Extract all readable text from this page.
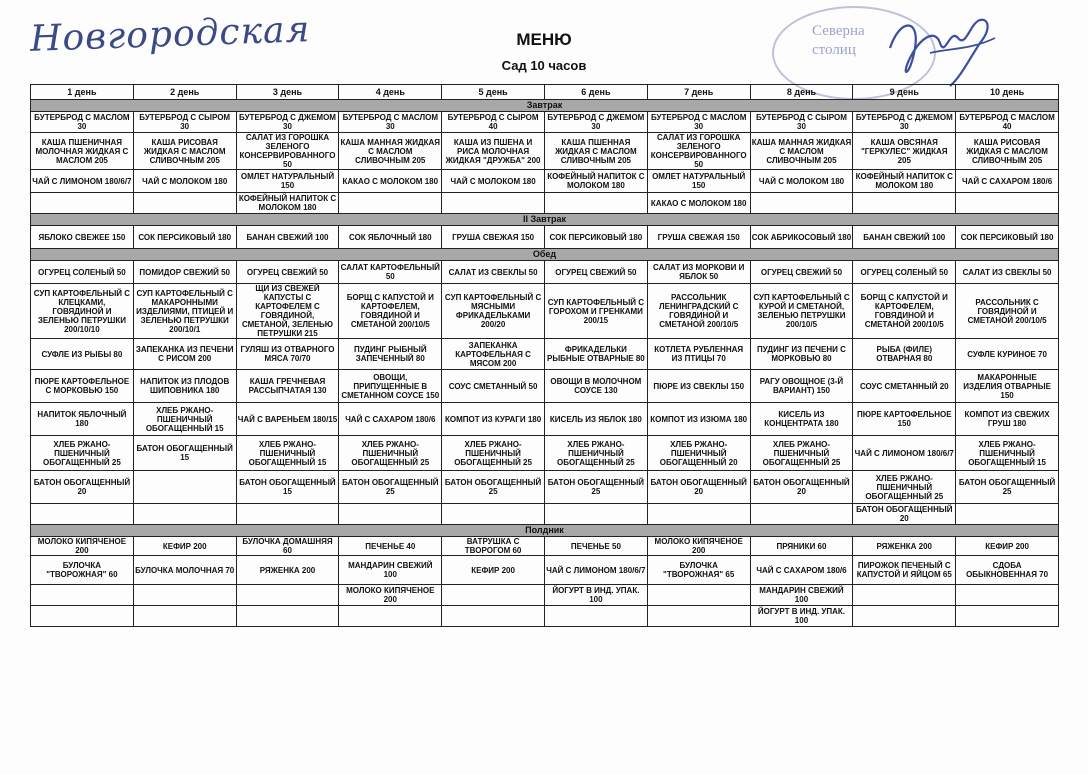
Новгородская	Северна
столиц
МЕНЮ
Сад 10 часов
1 день	2 день	3 день	4 день	5 день	6 день	7 день	8 день	9 день	10 день
Завтрак									
БУТЕРБРОД С МАСЛОМ 30	БУТЕРБРОД С СЫРОМ 30	БУТЕРБРОД С ДЖЕМОМ 30	БУТЕРБРОД С МАСЛОМ 30	БУТЕРБРОД С СЫРОМ 40	БУТЕРБРОД С ДЖЕМОМ 30	БУТЕРБРОД С МАСЛОМ 30	БУТЕРБРОД С СЫРОМ 30	БУТЕРБРОД С ДЖЕМОМ 30	БУТЕРБРОД С МАСЛОМ 40
КАША ПШЕНИЧНАЯ МОЛОЧНАЯ ЖИДКАЯ С МАСЛОМ 205	КАША РИСОВАЯ ЖИДКАЯ С МАСЛОМ СЛИВОЧНЫМ 205	САЛАТ ИЗ ГОРОШКА ЗЕЛЕНОГО КОНСЕРВИРОВАННОГО 50	КАША МАННАЯ ЖИДКАЯ С МАСЛОМ СЛИВОЧНЫМ 205	КАША ИЗ ПШЕНА И РИСА МОЛОЧНАЯ ЖИДКАЯ "ДРУЖБА" 200	КАША ПШЕННАЯ ЖИДКАЯ С МАСЛОМ СЛИВОЧНЫМ 205	САЛАТ ИЗ ГОРОШКА ЗЕЛЕНОГО КОНСЕРВИРОВАННОГО 50	КАША МАННАЯ ЖИДКАЯ С МАСЛОМ СЛИВОЧНЫМ 205	КАША ОВСЯНАЯ "ГЕРКУЛЕС" ЖИДКАЯ 205	КАША РИСОВАЯ ЖИДКАЯ С МАСЛОМ СЛИВОЧНЫМ 205
ЧАЙ С ЛИМОНОМ 180/6/7	ЧАЙ С МОЛОКОМ 180	ОМЛЕТ НАТУРАЛЬНЫЙ 150	КАКАО С МОЛОКОМ 180	ЧАЙ С МОЛОКОМ 180	КОФЕЙНЫЙ НАПИТОК С МОЛОКОМ 180	ОМЛЕТ НАТУРАЛЬНЫЙ 150	ЧАЙ С МОЛОКОМ 180	КОФЕЙНЫЙ НАПИТОК С МОЛОКОМ 180	ЧАЙ С САХАРОМ 180/6
		КОФЕЙНЫЙ НАПИТОК С МОЛОКОМ 180				КАКАО С МОЛОКОМ 180			
II Завтрак									
ЯБЛОКО СВЕЖЕЕ 150	СОК ПЕРСИКОВЫЙ 180	БАНАН СВЕЖИЙ 100	СОК ЯБЛОЧНЫЙ 180	ГРУША СВЕЖАЯ 150	СОК ПЕРСИКОВЫЙ 180	ГРУША СВЕЖАЯ 150	СОК АБРИКОСОВЫЙ 180	БАНАН СВЕЖИЙ 100	СОК ПЕРСИКОВЫЙ 180
Обед									
ОГУРЕЦ СОЛЕНЫЙ 50	ПОМИДОР СВЕЖИЙ 50	ОГУРЕЦ СВЕЖИЙ 50	САЛАТ КАРТОФЕЛЬНЫЙ 50	САЛАТ ИЗ СВЕКЛЫ 50	ОГУРЕЦ СВЕЖИЙ 50	САЛАТ ИЗ МОРКОВИ И ЯБЛОК 50	ОГУРЕЦ СВЕЖИЙ 50	ОГУРЕЦ СОЛЕНЫЙ 50	САЛАТ ИЗ СВЕКЛЫ 50
СУП КАРТОФЕЛЬНЫЙ С КЛЕЦКАМИ, ГОВЯДИНОЙ И ЗЕЛЕНЬЮ ПЕТРУШКИ 200/10/10	СУП КАРТОФЕЛЬНЫЙ С МАКАРОННЫМИ ИЗДЕЛИЯМИ, ПТИЦЕЙ И ЗЕЛЕНЬЮ ПЕТРУШКИ 200/10/1	ЩИ ИЗ СВЕЖЕЙ КАПУСТЫ С КАРТОФЕЛЕМ С ГОВЯДИНОЙ, СМЕТАНОЙ, ЗЕЛЕНЬЮ ПЕТРУШКИ 215	БОРЩ С КАПУСТОЙ И КАРТОФЕЛЕМ, ГОВЯДИНОЙ И СМЕТАНОЙ 200/10/5	СУП КАРТОФЕЛЬНЫЙ С МЯСНЫМИ ФРИКАДЕЛЬКАМИ 200/20	СУП КАРТОФЕЛЬНЫЙ С ГОРОХОМ И ГРЕНКАМИ 200/15	РАССОЛЬНИК ЛЕНИНГРАДСКИЙ С ГОВЯДИНОЙ И СМЕТАНОЙ 200/10/5	СУП КАРТОФЕЛЬНЫЙ С КУРОЙ И СМЕТАНОЙ, ЗЕЛЕНЬЮ ПЕТРУШКИ 200/10/5	БОРЩ С КАПУСТОЙ И КАРТОФЕЛЕМ, ГОВЯДИНОЙ И СМЕТАНОЙ 200/10/5	РАССОЛЬНИК С ГОВЯДИНОЙ И СМЕТАНОЙ 200/10/5
СУФЛЕ ИЗ РЫБЫ 80	ЗАПЕКАНКА ИЗ ПЕЧЕНИ С РИСОМ 200	ГУЛЯШ ИЗ ОТВАРНОГО МЯСА 70/70	ПУДИНГ РЫБНЫЙ ЗАПЕЧЕННЫЙ 80	ЗАПЕКАНКА КАРТОФЕЛЬНАЯ С МЯСОМ 200	ФРИКАДЕЛЬКИ РЫБНЫЕ ОТВАРНЫЕ 80	КОТЛЕТА РУБЛЕННАЯ ИЗ ПТИЦЫ 70	ПУДИНГ ИЗ ПЕЧЕНИ С МОРКОВЬЮ 80	РЫБА (ФИЛЕ) ОТВАРНАЯ 80	СУФЛЕ КУРИНОЕ 70
ПЮРЕ КАРТОФЕЛЬНОЕ С МОРКОВЬЮ 150	НАПИТОК ИЗ ПЛОДОВ ШИПОВНИКА 180	КАША ГРЕЧНЕВАЯ РАССЫПЧАТАЯ 130	ОВОЩИ, ПРИПУЩЕННЫЕ В СМЕТАННОМ СОУСЕ 150	СОУС СМЕТАННЫЙ 50	ОВОЩИ В МОЛОЧНОМ СОУСЕ 130	ПЮРЕ ИЗ СВЕКЛЫ 150	РАГУ ОВОЩНОЕ (3-Й ВАРИАНТ) 150	СОУС СМЕТАННЫЙ 20	МАКАРОННЫЕ ИЗДЕЛИЯ ОТВАРНЫЕ 150
НАПИТОК ЯБЛОЧНЫЙ 180	ХЛЕБ РЖАНО-ПШЕНИЧНЫЙ ОБОГАЩЕННЫЙ 15	ЧАЙ С ВАРЕНЬЕМ 180/15	ЧАЙ С САХАРОМ 180/6	КОМПОТ ИЗ КУРАГИ 180	КИСЕЛЬ ИЗ ЯБЛОК 180	КОМПОТ ИЗ ИЗЮМА 180	КИСЕЛЬ ИЗ КОНЦЕНТРАТА 180	ПЮРЕ КАРТОФЕЛЬНОЕ 150	КОМПОТ ИЗ СВЕЖИХ ГРУШ 180
ХЛЕБ РЖАНО-ПШЕНИЧНЫЙ ОБОГАЩЕННЫЙ 25	БАТОН ОБОГАЩЕННЫЙ 15	ХЛЕБ РЖАНО-ПШЕНИЧНЫЙ ОБОГАЩЕННЫЙ 15	ХЛЕБ РЖАНО-ПШЕНИЧНЫЙ ОБОГАЩЕННЫЙ 25	ХЛЕБ РЖАНО-ПШЕНИЧНЫЙ ОБОГАЩЕННЫЙ 25	ХЛЕБ РЖАНО-ПШЕНИЧНЫЙ ОБОГАЩЕННЫЙ 25	ХЛЕБ РЖАНО-ПШЕНИЧНЫЙ ОБОГАЩЕННЫЙ 20	ХЛЕБ РЖАНО-ПШЕНИЧНЫЙ ОБОГАЩЕННЫЙ 25	ЧАЙ С ЛИМОНОМ 180/6/7	ХЛЕБ РЖАНО-ПШЕНИЧНЫЙ ОБОГАЩЕННЫЙ 15
БАТОН ОБОГАЩЕННЫЙ 20		БАТОН ОБОГАЩЕННЫЙ 15	БАТОН ОБОГАЩЕННЫЙ 25	БАТОН ОБОГАЩЕННЫЙ 25	БАТОН ОБОГАЩЕННЫЙ 25	БАТОН ОБОГАЩЕННЫЙ 20	БАТОН ОБОГАЩЕННЫЙ 20	ХЛЕБ РЖАНО-ПШЕНИЧНЫЙ ОБОГАЩЕННЫЙ 25	БАТОН ОБОГАЩЕННЫЙ 25
								БАТОН ОБОГАЩЕННЫЙ 20	
Полдник									
МОЛОКО КИПЯЧЕНОЕ 200	КЕФИР 200	БУЛОЧКА ДОМАШНЯЯ 60	ПЕЧЕНЬЕ 40	ВАТРУШКА С ТВОРОГОМ 60	ПЕЧЕНЬЕ 50	МОЛОКО КИПЯЧЕНОЕ 200	ПРЯНИКИ 60	РЯЖЕНКА 200	КЕФИР 200
БУЛОЧКА "ТВОРОЖНАЯ" 60	БУЛОЧКА МОЛОЧНАЯ 70	РЯЖЕНКА 200	МАНДАРИН СВЕЖИЙ 100	КЕФИР 200	ЧАЙ С ЛИМОНОМ 180/6/7	БУЛОЧКА "ТВОРОЖНАЯ" 65	ЧАЙ С САХАРОМ 180/6	ПИРОЖОК ПЕЧЕНЫЙ С КАПУСТОЙ И ЯЙЦОМ 65	СДОБА ОБЫКНОВЕННАЯ 70
			МОЛОКО КИПЯЧЕНОЕ 200		ЙОГУРТ В ИНД. УПАК. 100		МАНДАРИН СВЕЖИЙ 100		
							ЙОГУРТ В ИНД. УПАК. 100		
